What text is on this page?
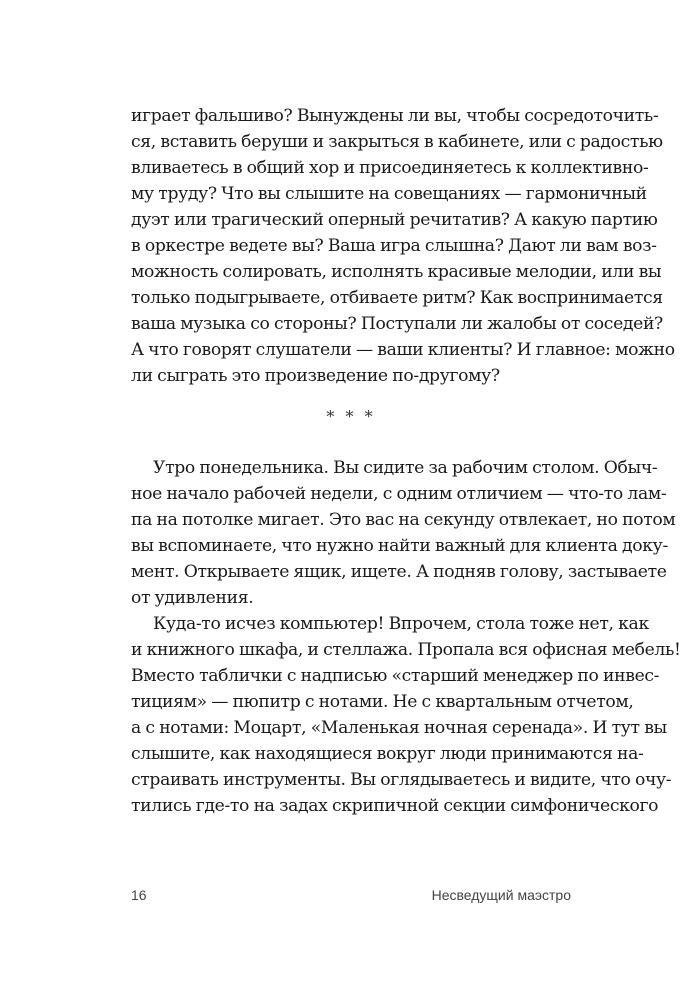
играет фальшиво? Вынуждены ли вы, чтобы сосредоточить-
ся, вставить беруши и закрыться в кабинете, или с радостью
вливаетесь в общий хор и присоединяетесь к коллективно-
му труду? Что вы слышите на совещаниях — гармоничный
дуэт или трагический оперный речитатив? А какую партию
в оркестре ведете вы? Ваша игра слышна? Дают ли вам воз-
можность солировать, исполнять красивые мелодии, или вы
только подыгрываете, отбиваете ритм? Как воспринимается
ваша музыка со стороны? Поступали ли жалобы от соседей?
А что говорят слушатели — ваши клиенты? И главное: можно
ли сыграть это произведение по-другому?
* * *
Утро понедельника. Вы сидите за рабочим столом. Обыч-
ное начало рабочей недели, с одним отличием — что-то лам-
па на потолке мигает. Это вас на секунду отвлекает, но потом
вы вспоминаете, что нужно найти важный для клиента доку-
мент. Открываете ящик, ищете. А подняв голову, застываете
от удивления.
Куда-то исчез компьютер! Впрочем, стола тоже нет, как
и книжного шкафа, и стеллажа. Пропала вся офисная мебель!
Вместо таблички с надписью «старший менеджер по инвес-
тициям» — пюпитр с нотами. Не с квартальным отчетом,
а с нотами: Моцарт, «Маленькая ночная серенада». И тут вы
слышите, как находящиеся вокруг люди принимаются на-
страивать инструменты. Вы оглядываетесь и видите, что очу-
тились где-то на задах скрипичной секции симфонического
16	Несведущий маэстро
